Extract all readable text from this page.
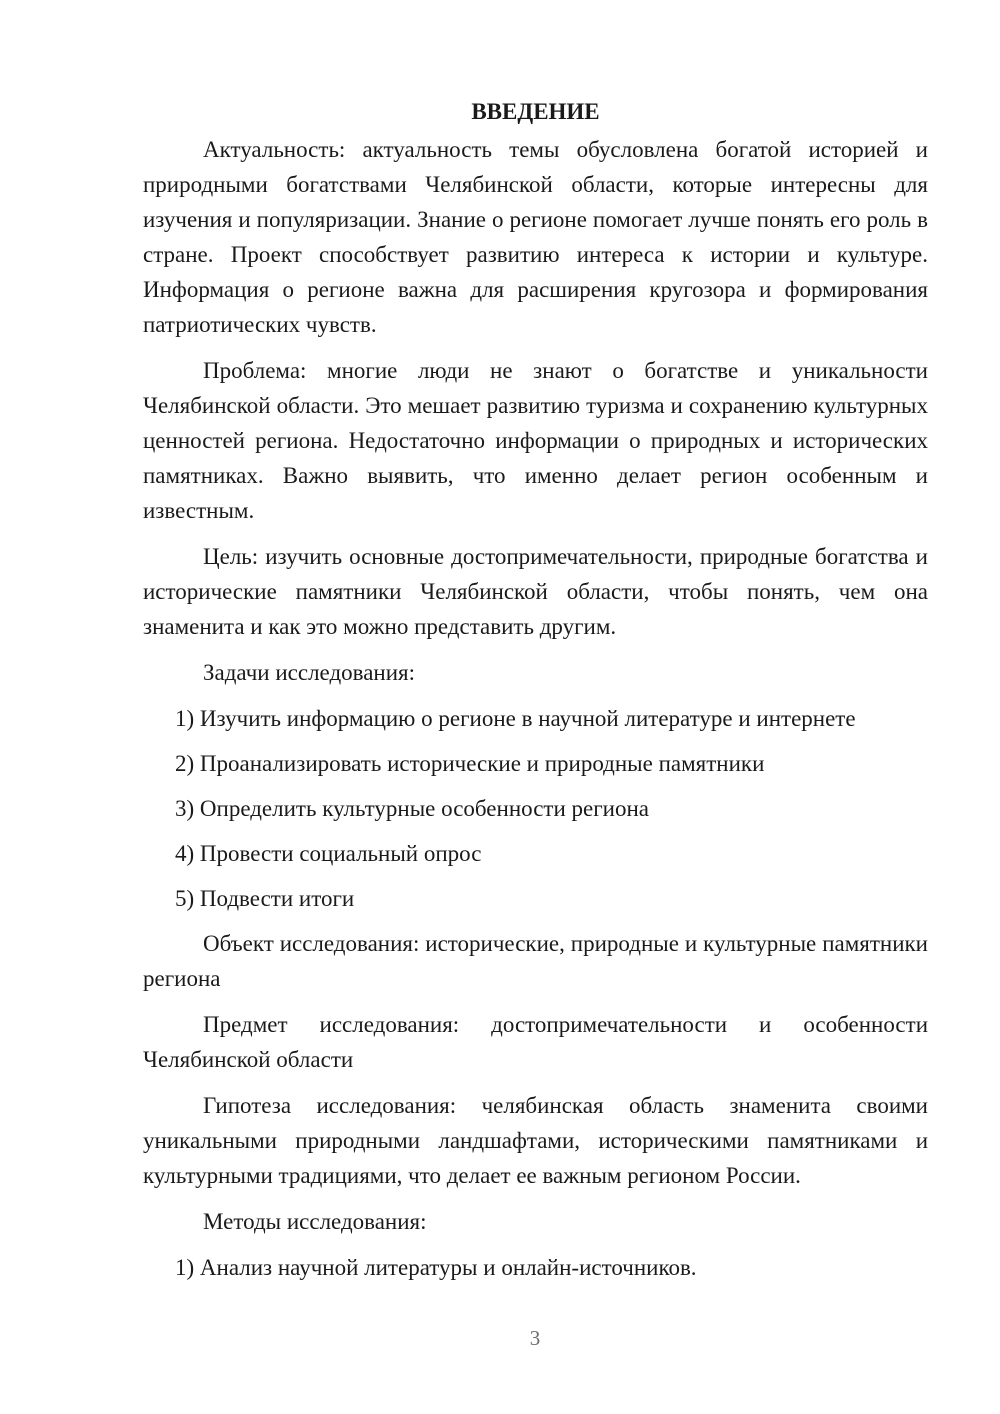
ВВЕДЕНИЕ

Актуальность: актуальность темы обусловлена богатой историей и природными богатствами Челябинской области, которые интересны для изучения и популяризации. Знание о регионе помогает лучше понять его роль в стране. Проект способствует развитию интереса к истории и культуре. Информация о регионе важна для расширения кругозора и формирования патриотических чувств.

Проблема: многие люди не знают о богатстве и уникальности Челябинской области. Это мешает развитию туризма и сохранению культурных ценностей региона. Недостаточно информации о природных и исторических памятниках. Важно выявить, что именно делает регион особенным и известным.

Цель: изучить основные достопримечательности, природные богатства и исторические памятники Челябинской области, чтобы понять, чем она знаменита и как это можно представить другим.

Задачи исследования:

1) Изучить информацию о регионе в научной литературе и интернете
2) Проанализировать исторические и природные памятники
3) Определить культурные особенности региона
4) Провести социальный опрос
5) Подвести итоги

Объект исследования: исторические, природные и культурные памятники региона

Предмет исследования: достопримечательности и особенности Челябинской области

Гипотеза исследования: челябинская область знаменита своими уникальными природными ландшафтами, историческими памятниками и культурными традициями, что делает ее важным регионом России.

Методы исследования:

1) Анализ научной литературы и онлайн-источников.
3
